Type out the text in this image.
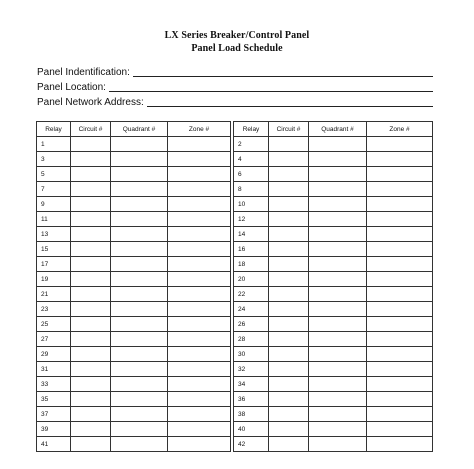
LX Series Breaker/Control Panel
Panel Load Schedule
Panel Indentification:
Panel Location:
Panel Network Address:
Relay	Circuit #	Quadrant #	Zone #		Relay	Circuit #	Quadrant #	Zone #
1					2			
3					4			
5					6			
7					8			
9					10			
11					12			
13					14			
15					16			
17					18			
19					20			
21					22			
23					24			
25					26			
27					28			
29					30			
31					32			
33					34			
35					36			
37					38			
39					40			
41					42			
